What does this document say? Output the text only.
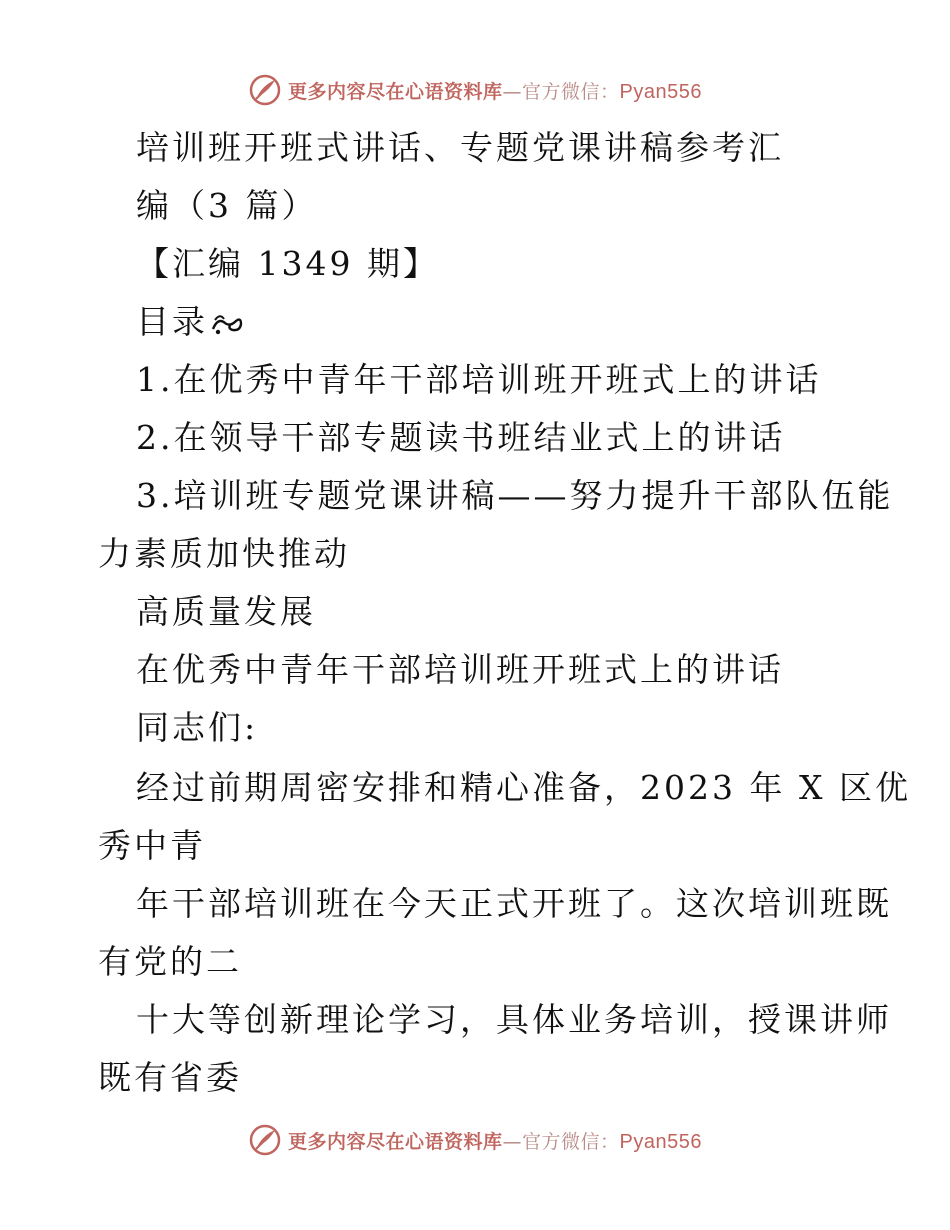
更多内容尽在心语资料库—官方微信：Pyan556
培训班开班式讲话、专题党课讲稿参考汇
编（3 篇）
【汇编 1349 期】
目录
1.在优秀中青年干部培训班开班式上的讲话
2.在领导干部专题读书班结业式上的讲话
3.培训班专题党课讲稿——努力提升干部队伍能
力素质加快推动
高质量发展
在优秀中青年干部培训班开班式上的讲话
同志们:
经过前期周密安排和精心准备，2023 年 X 区优
秀中青
年干部培训班在今天正式开班了。这次培训班既
有党的二
十大等创新理论学习，具体业务培训，授课讲师
既有省委
更多内容尽在心语资料库—官方微信：Pyan556
